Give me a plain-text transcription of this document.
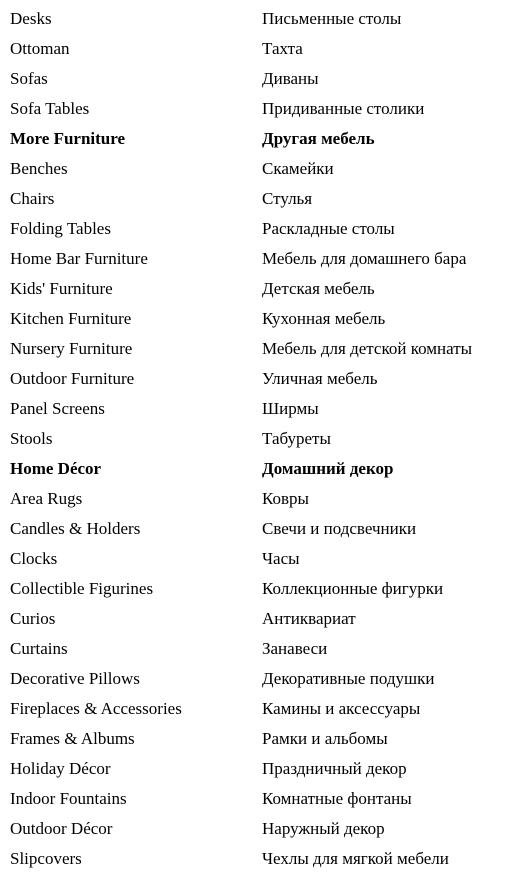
Desks	Письменные столы
Ottoman	Тахта
Sofas	Диваны
Sofa Tables	Придиванные столики
More Furniture	Другая мебель
Benches	Скамейки
Chairs	Стулья
Folding Tables	Раскладные столы
Home Bar Furniture	Мебель для домашнего бара
Kids' Furniture	Детская мебель
Kitchen Furniture	Кухонная мебель
Nursery Furniture	Мебель для детской комнаты
Outdoor Furniture	Уличная мебель
Panel Screens	Ширмы
Stools	Табуреты
Home Décor	Домашний декор
Area Rugs	Ковры
Candles & Holders	Свечи и подсвечники
Clocks	Часы
Collectible Figurines	Коллекционные фигурки
Curios	Антиквариат
Curtains	Занавеси
Decorative Pillows	Декоративные подушки
Fireplaces & Accessories	Камины и аксессуары
Frames & Albums	Рамки и альбомы
Holiday Décor	Праздничный декор
Indoor Fountains	Комнатные фонтаны
Outdoor Décor	Наружный декор
Slipcovers	Чехлы для мягкой мебели
